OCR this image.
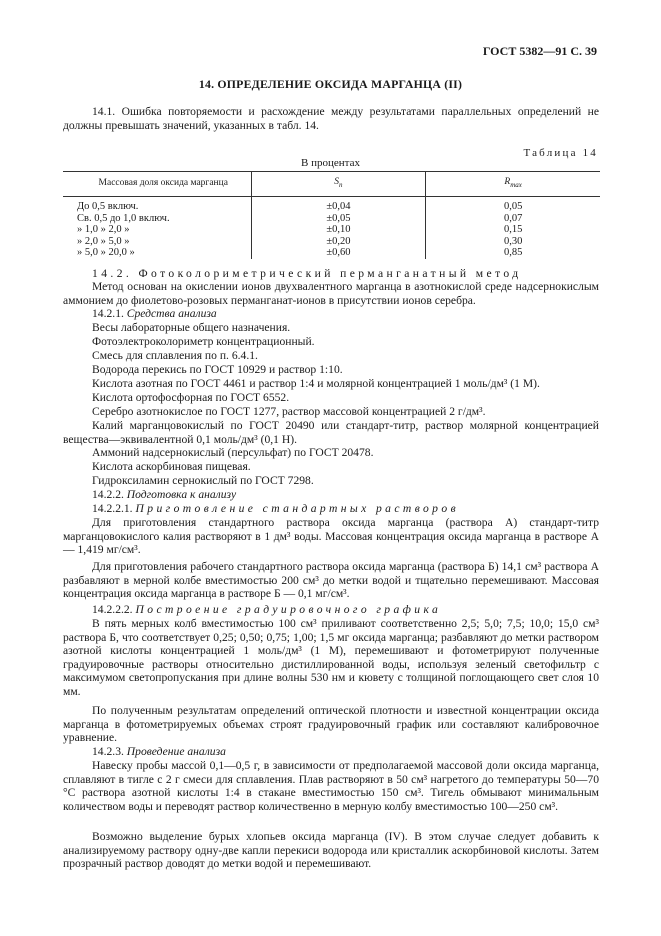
ГОСТ 5382—91 С. 39
14. ОПРЕДЕЛЕНИЕ ОКСИДА МАРГАНЦА (II)
14.1. Ошибка повторяемости и расхождение между результатами параллельных определений не должны превышать значений, указанных в табл. 14.
Таблица 14
В процентах
Массовая доля оксида марганца	$S_n$	$R_{max}$
До 0,5 включ.	±0,04	0,05
Св. 0,5 до 1,0 включ.	±0,05	0,07
» 1,0 » 2,0 »	±0,10	0,15
» 2,0 » 5,0 »	±0,20	0,30
» 5,0 » 20,0 »	±0,60	0,85
14.2. Фотоколориметрический перманганатный метод
Метод основан на окислении ионов двухвалентного марганца в азотнокислой среде надсернокислым аммонием до фиолетово-розовых перманганат-ионов в присутствии ионов серебра.
14.2.1. Средства анализа
Весы лабораторные общего назначения.
Фотоэлектроколориметр концентрационный.
Смесь для сплавления по п. 6.4.1.
Водорода перекись по ГОСТ 10929 и раствор 1:10.
Кислота азотная по ГОСТ 4461 и раствор 1:4 и молярной концентрацией 1 моль/дм³ (1 М).
Кислота ортофосфорная по ГОСТ 6552.
Серебро азотнокислое по ГОСТ 1277, раствор массовой концентрацией 2 г/дм³.
Калий марганцовокислый по ГОСТ 20490 или стандарт-титр, раствор молярной концентрацией вещества—эквивалентной 0,1 моль/дм³ (0,1 Н).
Аммоний надсернокислый (персульфат) по ГОСТ 20478.
Кислота аскорбиновая пищевая.
Гидроксиламин сернокислый по ГОСТ 7298.
14.2.2. Подготовка к анализу
14.2.2.1. Приготовление стандартных растворов
Для приготовления стандартного раствора оксида марганца (раствора А) стандарт-титр марганцовокислого калия растворяют в 1 дм³ воды. Массовая концентрация оксида марганца в растворе А — 1,419 мг/см³.
Для приготовления рабочего стандартного раствора оксида марганца (раствора Б) 14,1 см³ раствора А разбавляют в мерной колбе вместимостью 200 см³ до метки водой и тщательно перемешивают. Массовая концентрация оксида марганца в растворе Б — 0,1 мг/см³.
14.2.2.2. Построение градуировочного графика
В пять мерных колб вместимостью 100 см³ приливают соответственно 2,5; 5,0; 7,5; 10,0; 15,0 см³ раствора Б, что соответствует 0,25; 0,50; 0,75; 1,00; 1,5 мг оксида марганца; разбавляют до метки раствором азотной кислоты концентрацией 1 моль/дм³ (1 М), перемешивают и фотометрируют полученные градуировочные растворы относительно дистиллированной воды, используя зеленый светофильтр с максимумом светопропускания при длине волны 530 нм и кювету с толщиной поглощающего свет слоя 10 мм.
По полученным результатам определений оптической плотности и известной концентрации оксида марганца в фотометрируемых объемах строят градуировочный график или составляют калибровочное уравнение.
14.2.3. Проведение анализа
Навеску пробы массой 0,1—0,5 г, в зависимости от предполагаемой массовой доли оксида марганца, сплавляют в тигле с 2 г смеси для сплавления. Плав растворяют в 50 см³ нагретого до температуры 50—70 °С раствора азотной кислоты 1:4 в стакане вместимостью 150 см³. Тигель обмывают минимальным количеством воды и переводят раствор количественно в мерную колбу вместимостью 100—250 см³.
Возможно выделение бурых хлопьев оксида марганца (IV). В этом случае следует добавить к анализируемому раствору одну-две капли перекиси водорода или кристаллик аскорбиновой кислоты. Затем прозрачный раствор доводят до метки водой и перемешивают.
